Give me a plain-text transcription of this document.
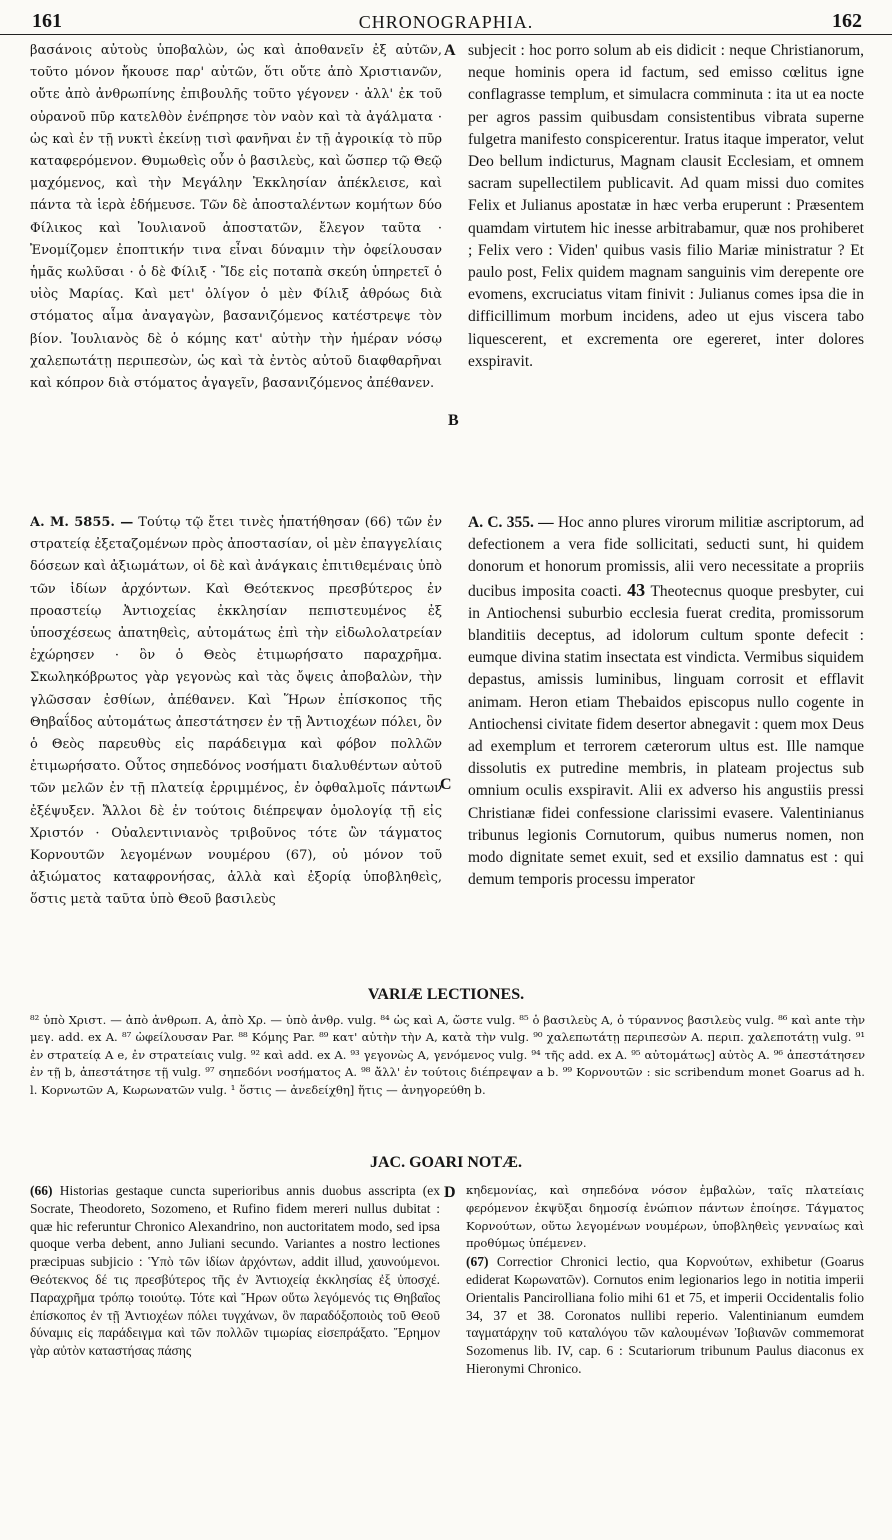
161	CHRONOGRAPHIA.	162

βασάνοις αὐτοὺς ὑποβαλὼν, ὡς καὶ ἀποθανεῖν ἐξ αὐτῶν, τοῦτο μόνον ἤκουσε παρ' αὐτῶν, ὅτι οὔτε ἀπὸ Χριστιανῶν, οὔτε ἀπὸ ἀνθρωπίνης ἐπιβουλῆς τοῦτο γέγονεν · ἀλλ' ἐκ τοῦ οὐρανοῦ πῦρ κατελθὸν ἐνέπρησε τὸν ναὸν καὶ τὰ ἀγάλματα · ὡς καὶ ἐν τῇ νυκτὶ ἐκείνῃ τισὶ φανῆναι ἐν τῇ ἀγροικίᾳ τὸ πῦρ καταφερόμενον. Θυμωθεὶς οὖν ὁ βασιλεὺς, καὶ ὥσπερ τῷ Θεῷ μαχόμενος, καὶ τὴν Μεγάλην Ἐκκλησίαν ἀπέκλεισε, καὶ πάντα τὰ ἱερὰ ἐδήμευσε. Τῶν δὲ ἀποσταλέντων κομήτων δύο Φίλικος καὶ Ἰουλιανοῦ ἀποστατῶν, ἔλεγον ταῦτα · Ἐνομίζομεν ἐποπτικήν τινα εἶναι δύναμιν τὴν ὀφείλουσαν ἡμᾶς κωλῦσαι · ὁ δὲ Φίλιξ · Ἴδε εἰς ποταπὰ σκεύη ὑπηρετεῖ ὁ υἱὸς Μαρίας. Καὶ μετ' ὀλίγον ὁ μὲν Φίλιξ ἀθρόως διὰ στόματος αἷμα ἀναγαγὼν, βασανιζόμενος κατέστρεψε τὸν βίον. Ἰουλιανὸς δὲ ὁ κόμης κατ' αὐτὴν τὴν ἡμέραν νόσῳ χαλεπωτάτῃ περιπεσὼν, ὡς καὶ τὰ ἐντὸς αὐτοῦ διαφθαρῆναι καὶ κόπρον διὰ στόματος ἀγαγεῖν, βασανιζόμενος ἀπέθανεν.

subjecit : hoc porro solum ab eis didicit : neque Christianorum, neque hominis opera id factum, sed emisso cœlitus igne conflagrasse templum, et simulacra comminuta : ita ut ea nocte per agros passim quibusdam consistentibus vibrata superne fulgetra manifesto conspicerentur. Iratus itaque imperator, velut Deo bellum indicturus, Magnam clausit Ecclesiam, et omnem sacram supellectilem publicavit. Ad quam missi duo comites Felix et Julianus apostatæ in hæc verba eruperunt : Præsentem quamdam virtutem hic inesse arbitrabamur, quæ nos prohiberet ; Felix vero : Viden' quibus vasis filio Mariæ ministratur ? Et paulo post, Felix quidem magnam sanguinis vim derepente ore evomens, excruciatus vitam finivit : Julianus comes ipsa die in difficillimum morbum incidens, adeo ut ejus viscera tabo liquescerent, et excrementa ore egereret, inter dolores exspiravit.

A
B

A. M. 5855. — Τούτῳ τῷ ἔτει τινὲς ἠπατήθησαν (66) τῶν ἐν στρατείᾳ ἐξεταζομένων πρὸς ἀποστασίαν, οἱ μὲν ἐπαγγελίαις δόσεων καὶ ἀξιωμάτων, οἱ δὲ καὶ ἀνάγκαις ἐπιτιθεμέναις ὑπὸ τῶν ἰδίων ἀρχόντων. Καὶ Θεότεκνος πρεσβύτερος ἐν προαστείῳ Ἀντιοχείας ἐκκλησίαν πεπιστευμένος ἐξ ὑποσχέσεως ἀπατηθεὶς, αὐτομάτως ἐπὶ τὴν εἰδωλολατρείαν ἐχώρησεν · ὃν ὁ Θεὸς ἐτιμωρήσατο παραχρῆμα. Σκωληκόβρωτος γὰρ γεγονὼς καὶ τὰς ὄψεις ἀποβαλὼν, τὴν γλῶσσαν ἐσθίων, ἀπέθανεν. Καὶ Ἥρων ἐπίσκοπος τῆς Θηβαΐδος αὐτομάτως ἀπεστάτησεν ἐν τῇ Ἀντιοχέων πόλει, ὃν ὁ Θεὸς παρευθὺς εἰς παράδειγμα καὶ φόβον πολλῶν ἐτιμωρήσατο. Οὗτος σηπεδόνος νοσήματι διαλυθέντων αὐτοῦ τῶν μελῶν ἐν τῇ πλατείᾳ ἐρριμμένος, ἐν ὀφθαλμοῖς πάντων ἐξέψυξεν. Ἄλλοι δὲ ἐν τούτοις διέπρεψαν ὁμολογίᾳ τῇ εἰς Χριστόν · Οὐαλεντινιανὸς τριβοῦνος τότε ὢν τάγματος Κορνουτῶν λεγομένων νουμέρου (67), οὐ μόνον τοῦ ἀξιώματος καταφρονήσας, ἀλλὰ καὶ ἐξορίᾳ ὑποβληθεὶς, ὅστις μετὰ ταῦτα ὑπὸ Θεοῦ βασιλεὺς

A. C. 355. — Hoc anno plures virorum militiæ ascriptorum, ad defectionem a vera fide sollicitati, seducti sunt, hi quidem donorum et honorum promissis, alii vero necessitate a propriis ducibus imposita coacti. 43 Theotecnus quoque presbyter, cui in Antiochensi suburbio ecclesia fuerat credita, promissorum blanditiis deceptus, ad idolorum cultum sponte defecit : eumque divina statim insectata est vindicta. Vermibus siquidem depastus, amissis luminibus, linguam corrosit et efflavit animam. Heron etiam Thebaidos episcopus nullo cogente in Antiochensi civitate fidem desertor abnegavit : quem mox Deus ad exemplum et terrorem cæterorum ultus est. Ille namque dissolutis ex putredine membris, in plateam projectus sub omnium oculis exspiravit. Alii ex adverso his angustiis pressi Christianæ fidei confessione clarissimi evasere. Valentinianus tribunus legionis Cornutorum, quibus numerus nomen, non modo dignitate semet exuit, sed et exsilio damnatus est : qui demum temporis processu imperator

C
VARIÆ LECTIONES.

⁸² ὑπὸ Χριστ. — ἀπὸ ἀνθρωπ. A, ἀπὸ Χρ. — ὑπὸ ἀνθρ. vulg. ⁸⁴ ὡς καὶ A, ὥστε vulg. ⁸⁵ ὁ βασιλεὺς A, ὁ τύραννος βασιλεὺς vulg. ⁸⁶ καὶ ante τὴν μεγ. add. ex A. ⁸⁷ ὠφείλουσαν Par. ⁸⁸ Κόμης Par. ⁸⁹ κατ' αὐτὴν τὴν A, κατὰ τὴν vulg. ⁹⁰ χαλεπωτάτῃ περιπεσὼν A. περιπ. χαλεποτάτῃ vulg. ⁹¹ ἐν στρατείᾳ A e, ἐν στρατείαις vulg. ⁹² καὶ add. ex A. ⁹³ γεγονὼς A, γενόμενος vulg. ⁹⁴ τῆς add. ex A. ⁹⁵ αὐτομάτως] αὐτὸς A. ⁹⁶ ἀπεστάτησεν ἐν τῇ b, ἀπεστάτησε τῇ vulg. ⁹⁷ σηπεδόνι νοσήματος A. ⁹⁸ ἄλλ' ἐν τούτοις διέπρεψαν a b. ⁹⁹ Κορνουτῶν : sic scribendum monet Goarus ad h. l. Κορνωτῶν A, Κωρωνατῶν vulg. ¹ ὅστις — ἀνεδείχθη] ἥτις — ἀνηγορεύθη b.

JAC. GOARI NOTÆ.

(66) Historias gestaque cuncta superioribus annis duobus asscripta (ex Socrate, Theodoreto, Sozomeno, et Rufino fidem mereri nullus dubitat : quæ hic referuntur Chronico Alexandrino, non auctoritatem modo, sed ipsa quoque verba debent, anno Juliani secundo. Variantes a nostro lectiones præcipuas subjicio : Ὑπὸ τῶν ἰδίων ἀρχόντων, addit illud, χαυνούμενοι. Θεότεκνος δέ τις πρεσβύτερος τῆς ἐν Ἀντιοχείᾳ ἐκκλησίας ἐξ ὑποσχέ. Παραχρῆμα τρόπῳ τοιούτῳ. Τότε καὶ Ἥρων οὕτω λεγόμενός τις Θηβαΐος ἐπίσκοπος ἐν τῇ Ἀντιοχέων πόλει τυγχάνων, ὃν παραδόξοποιὸς τοῦ Θεοῦ δύναμις εἰς παράδειγμα καὶ τῶν πολλῶν τιμωρίας εἰσεπράξατο. Ἔρημον γὰρ αὐτὸν καταστήσας πάσης

D κηδεμονίας, καὶ σηπεδόνα νόσον ἐμβαλὼν, ταῖς πλατείαις φερόμενον ἐκψῦξαι δημοσίᾳ ἐνώπιον πάντων ἐποίησε. Τάγματος Κορνούτων, οὕτω λεγομένων νουμέρων, ὑποβληθεὶς γενναίως καὶ προθύμως ὑπέμενεν.

(67) Correctior Chronici lectio, qua Κορνούτων, exhibetur (Goarus ediderat Κωρωνατῶν). Cornutos enim legionarios lego in notitia imperii Orientalis Pancirolliana folio mihi 61 et 75, et imperii Occidentalis folio 34, 37 et 38. Coronatos nullibi reperio. Valentinianum eumdem ταγματάρχην τοῦ καταλόγου τῶν καλουμένων Ἰοβιανῶν commemorat Sozomenus lib. IV, cap. 6 : Scutariorum tribunum Paulus diaconus ex Hieronymi Chronico.
